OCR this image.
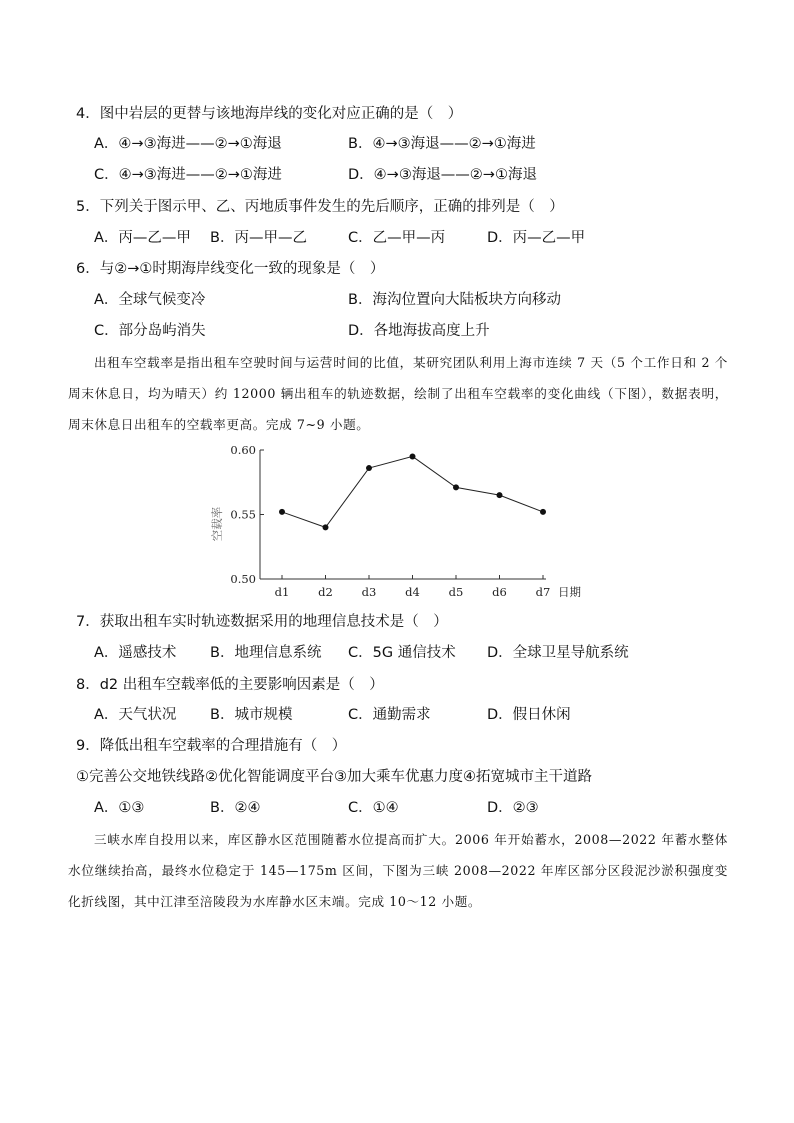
4．图中岩层的更替与该地海岸线的变化对应正确的是（　）
A．④→③海进——②→①海退	B．④→③海退——②→①海进
C．④→③海进——②→①海进	D．④→③海退——②→①海退
5．下列关于图示甲、乙、丙地质事件发生的先后顺序，正确的排列是（　）
A．丙—乙—甲 B．丙—甲—乙	C．乙—甲—丙	D．丙—乙—甲
6．与②→①时期海岸线变化一致的现象是（　）
A．全球气候变冷	B．海沟位置向大陆板块方向移动
C．部分岛屿消失	D．各地海拔高度上升
出租车空载率是指出租车空驶时间与运营时间的比值，某研究团队利用上海市连续 7 天（5 个工作日和 2 个周末休息日，均为晴天）约 12000 辆出租车的轨迹数据，绘制了出租车空载率的变化曲线（下图），数据表明，周末休息日出租车的空载率更高。完成 7~9 小题。
0.50
0.55
0.60
d1	d2	d3	d4	d5	d6	d7
空载率
日期
7．获取出租车实时轨迹数据采用的地理信息技术是（　）
A．遥感技术 B．地理信息系统 C．5G 通信技术 D．全球卫星导航系统
8．d2 出租车空载率低的主要影响因素是（　）
A．天气状况 B．城市规模	C．通勤需求	D．假日休闲
9．降低出租车空载率的合理措施有（　）
①完善公交地铁线路②优化智能调度平台③加大乘车优惠力度④拓宽城市主干道路
A．①③	B．②④	C．①④	D．②③
三峡水库自投用以来，库区静水区范围随蓄水位提高而扩大。2006 年开始蓄水，2008—2022 年蓄水整体水位继续抬高，最终水位稳定于 145—175m 区间，下图为三峡 2008—2022 年库区部分区段泥沙淤积强度变化折线图，其中江津至涪陵段为水库静水区末端。完成 10～12 小题。
